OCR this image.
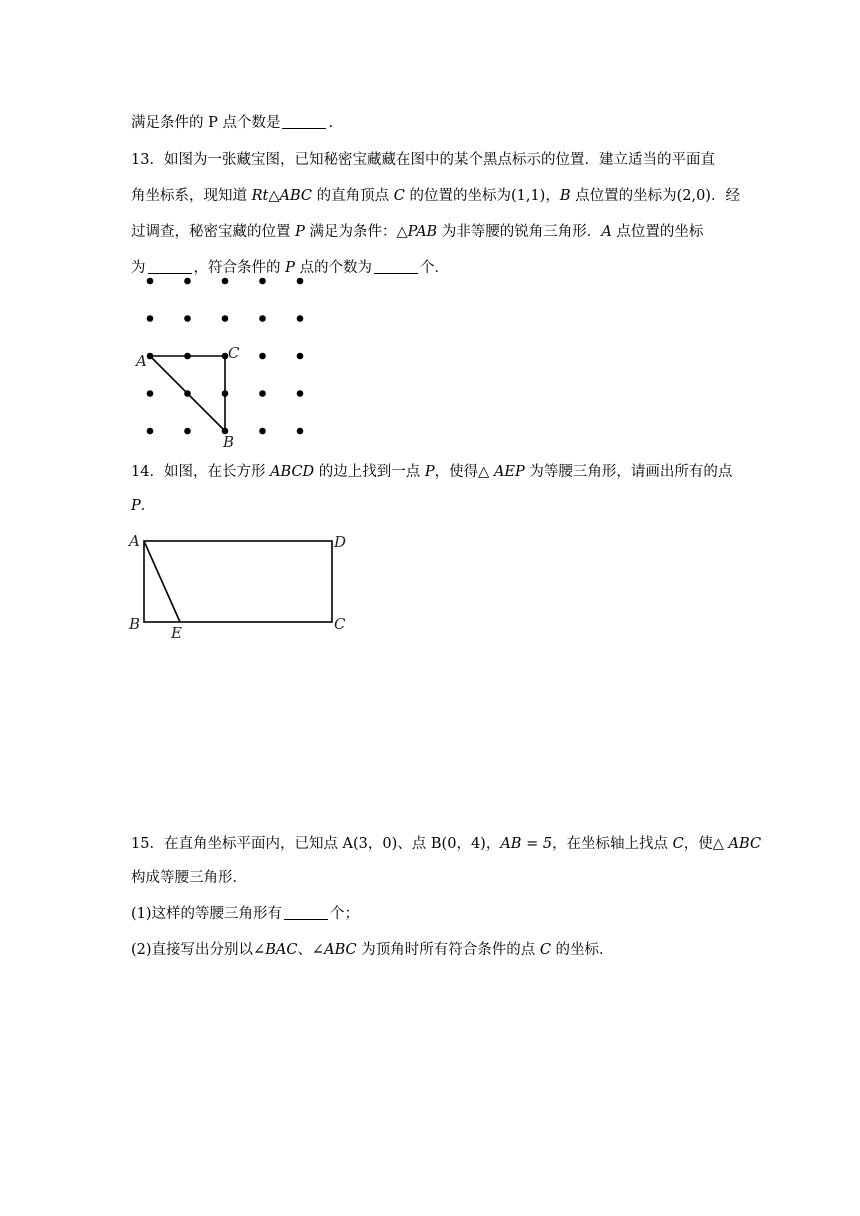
满足条件的 P 点个数是	.
13．如图为一张藏宝图，已知秘密宝藏藏在图中的某个黑点标示的位置．建立适当的平面直
角坐标系，现知道 Rt△ABC 的直角顶点 C 的位置的坐标为(1,1)，B 点位置的坐标为(2,0)．经
过调查，秘密宝藏的位置 P 满足为条件：△PAB 为非等腰的锐角三角形．A 点位置的坐标
为	，符合条件的 P 点的个数为	个．
A	C
B
14．如图，在长方形 ABCD 的边上找到一点 P，使得△ AEP 为等腰三角形，请画出所有的点
P．
A	D
B	C
E
15．在直角坐标平面内，已知点 A(3，0)、点 B(0，4)，AB = 5，在坐标轴上找点 C，使△ ABC
构成等腰三角形．
(1)这样的等腰三角形有	个；
(2)直接写出分别以∠BAC、∠ABC 为顶角时所有符合条件的点 C 的坐标．
